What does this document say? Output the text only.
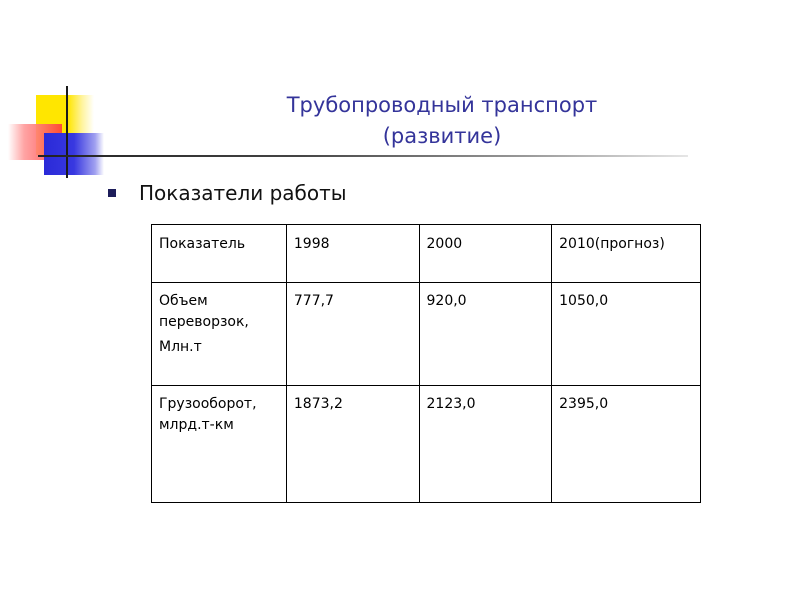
Трубопроводный транспорт
(развитие)
Показатели работы
Показатель	1998	2000	2010(прогноз)

Объем
переворзок,
Млн.т	777,7	920,0	1050,0

Грузооборот,
млрд.т-км	1873,2	2123,0	2395,0
